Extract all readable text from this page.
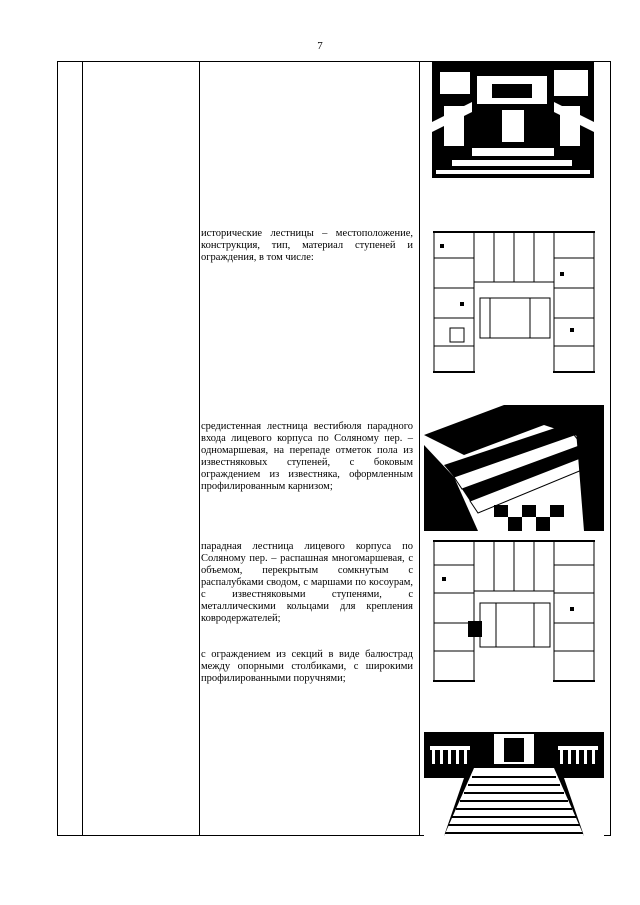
7
исторические лестницы – местоположение, конструкция, тип, материал ступеней и ограждения, в том числе:
средистенная лестница вестибюля парадного входа лицевого корпуса по Соляному пер. – одномаршевая, на перепаде отметок пола из известняковых ступеней, с боковым ограждением из известняка, оформленным профилированным карнизом;
парадная лестница лицевого корпуса по Соляному пер. – распашная многомаршевая, с объемом, перекрытым сомкнутым с распалубками сводом, с маршами по косоурам, с известняковыми ступенями, с металлическими кольцами для крепления ковродержателей;
с ограждением из секций в виде балюстрад между опорными столбиками, с широкими профилированными поручнями;
